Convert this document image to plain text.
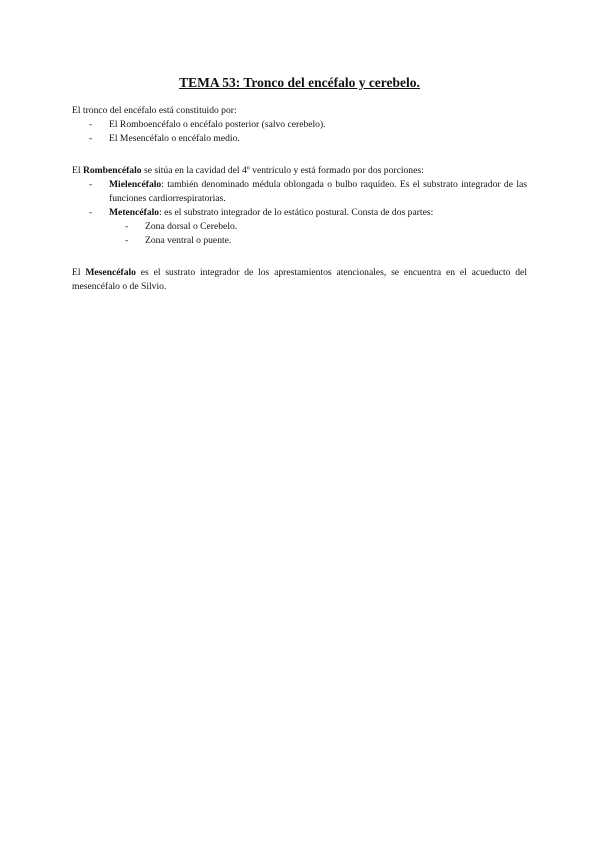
TEMA 53: Tronco del encéfalo y cerebelo.
El tronco del encéfalo está constituido por:
- El Romboencéfalo o encéfalo posterior (salvo cerebelo).
- El Mesencéfalo o encéfalo medio.
El Rombencéfalo se sitúa en la cavidad del 4º ventrículo y está formado por dos porciones:
- Mielencéfalo: también denominado médula oblongada o bulbo raquídeo. Es el substrato integrador de las funciones cardiorrespiratorias.
- Metencéfalo: es el substrato integrador de lo estático postural. Consta de dos partes:
- Zona dorsal o Cerebelo.
- Zona ventral o puente.
El Mesencéfalo es el sustrato integrador de los aprestamientos atencionales, se encuentra en el acueducto del mesencéfalo o de Silvio.
